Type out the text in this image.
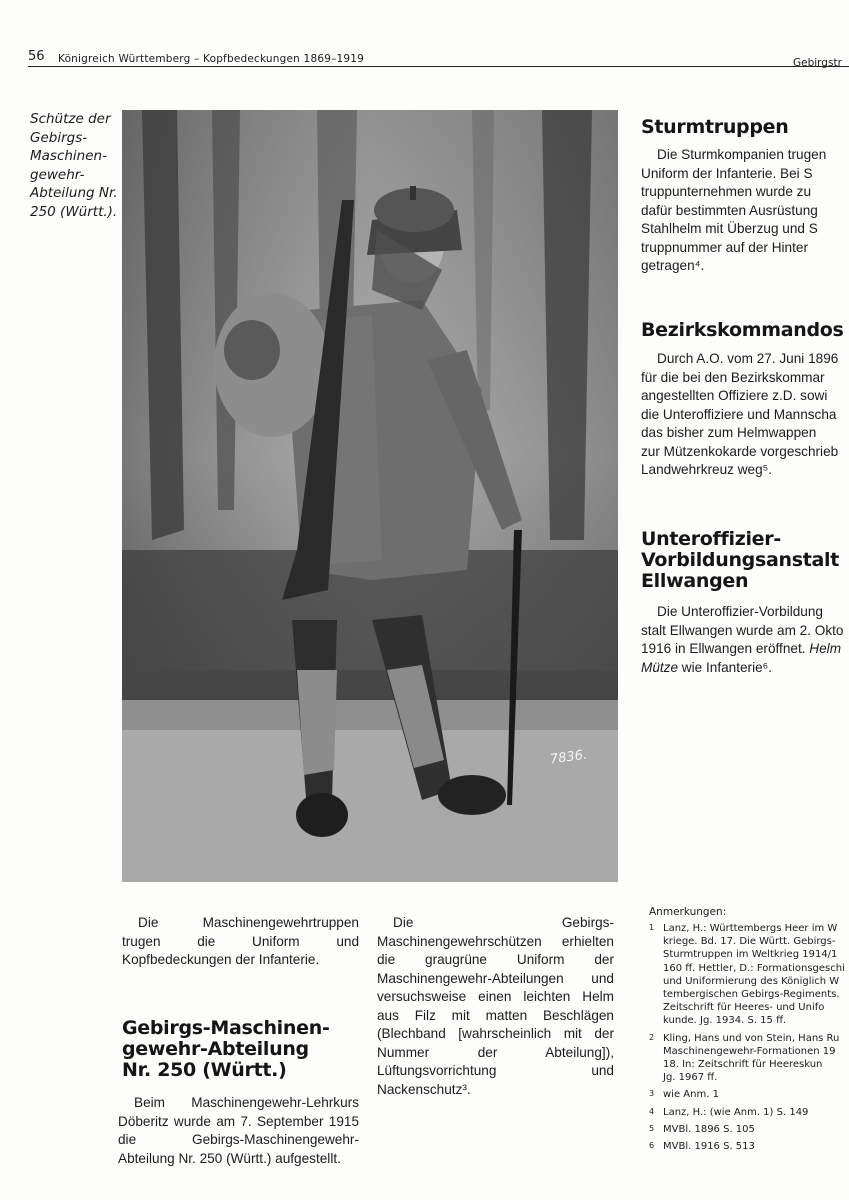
56 Königreich Württemberg – Kopfbedeckungen 1869–1919	Gebirgstr
Schütze der Gebirgs-Maschinen-gewehr-Abteilung Nr. 250 (Württ.).
7836.
Sturmtruppen
Die Sturmkompanien trugen
Uniform der Infanterie. Bei S
truppunternehmen wurde zu
dafür bestimmten Ausrüstung
Stahlhelm mit Überzug und S
truppnummer auf der Hinter
getragen⁴.
Bezirkskommandos
Durch A.O. vom 27. Juni 1896
für die bei den Bezirkskommar
angestellten Offiziere z.D. sowi
die Unteroffiziere und Mannscha
das bisher zum Helmwappen
zur Mützenkokarde vorgeschrieb
Landwehrkreuz weg⁵.
Unteroffizier-
Vorbildungsanstalt
Ellwangen
Die Unteroffizier-Vorbildung
stalt Ellwangen wurde am 2. Okto
1916 in Ellwangen eröffnet. Helm
Mütze wie Infanterie⁶.
Die Maschinengewehrtruppen trugen die Uniform und Kopfbedeckungen der Infanterie.
Gebirgs-Maschinen-
gewehr-Abteilung
Nr. 250 (Württ.)
Beim Maschinengewehr-Lehrkurs Döberitz wurde am 7. September 1915 die Gebirgs-Maschinengewehr-Abteilung Nr. 250 (Württ.) aufgestellt.
Die Gebirgs-Maschinengewehrschützen erhielten die graugrüne Uniform der Maschinengewehr-Abteilungen und versuchsweise einen leichten Helm aus Filz mit matten Beschlägen (Blechband [wahrscheinlich mit der Nummer der Abteilung]), Lüftungsvorrichtung und Nackenschutz³.
Anmerkungen:
1 Lanz, H.: Württembergs Heer im W
kriege. Bd. 17. Die Württ. Gebirgs-
Sturmtruppen im Weltkrieg 1914/1
160 ff. Hettler, D.: Formationsgeschi
und Uniformierung des Königlich W
tembergischen Gebirgs-Regiments.
Zeitschrift für Heeres- und Unifo
kunde. Jg. 1934. S. 15 ff.
2 Kling, Hans und von Stein, Hans Ru
Maschinengewehr-Formationen 19
18. In: Zeitschrift für Heereskun
Jg. 1967 ff.
3 wie Anm. 1
4 Lanz, H.: (wie Anm. 1) S. 149
5 MVBl. 1896 S. 105
6 MVBl. 1916 S. 513
